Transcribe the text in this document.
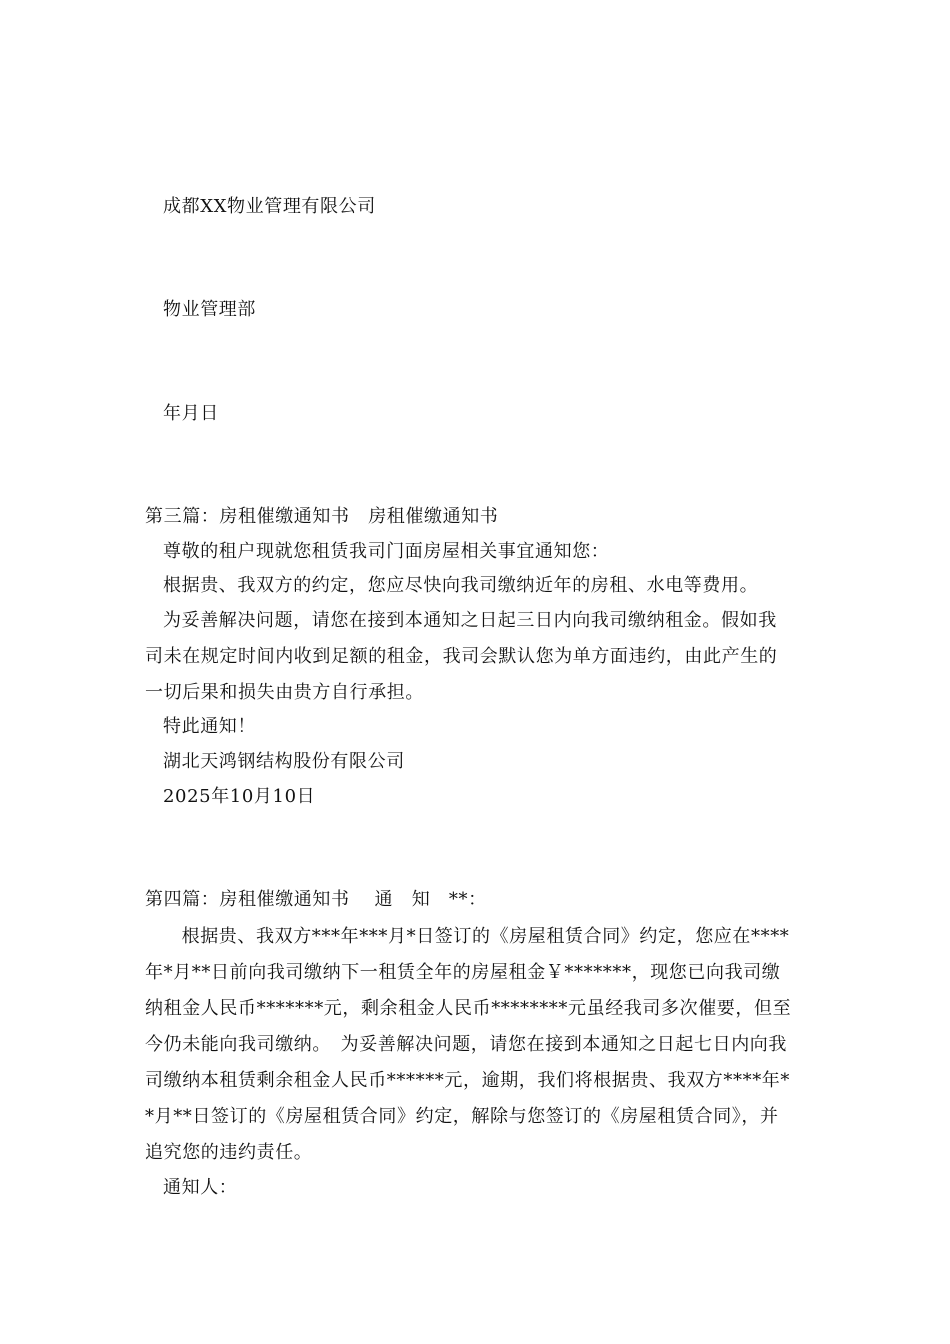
成都XX物业管理有限公司

物业管理部

年月日

第三篇：房租催缴通知书　房租催缴通知书

尊敬的租户现就您租赁我司门面房屋相关事宜通知您：

根据贵、我双方的约定，您应尽快向我司缴纳近年的房租、水电等费用。

为妥善解决问题，请您在接到本通知之日起三日内向我司缴纳租金。假如我

司未在规定时间内收到足额的租金，我司会默认您为单方面违约，由此产生的

一切后果和损失由贵方自行承担。

特此通知！

湖北天鸿钢结构股份有限公司

2025年10月10日

第四篇：房租催缴通知书　 通　知　**：

　根据贵、我双方***年***月*日签订的《房屋租赁合同》约定，您应在****

年*月**日前向我司缴纳下一租赁全年的房屋租金￥*******，现您已向我司缴

纳租金人民币*******元，剩余租金人民币********元虽经我司多次催要，但至

今仍未能向我司缴纳。　为妥善解决问题，请您在接到本通知之日起七日内向我

司缴纳本租赁剩余租金人民币******元，逾期，我们将根据贵、我双方****年*

*月**日签订的《房屋租赁合同》约定，解除与您签订的《房屋租赁合同》，并

追究您的违约责任。

通知人：
